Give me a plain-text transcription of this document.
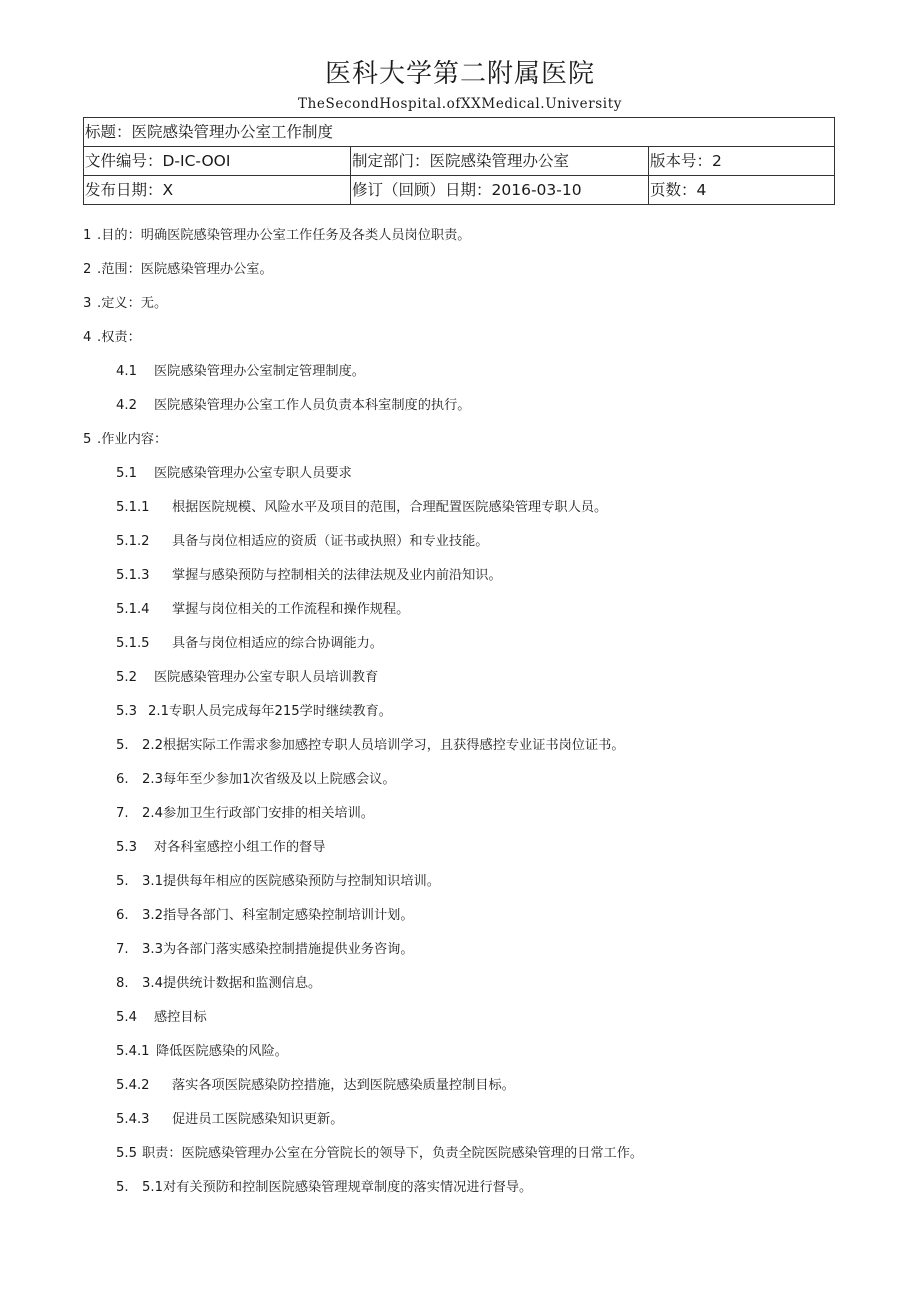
医科大学第二附属医院
TheSecondHospital.ofXXMedical.University
标题：医院感染管理办公室工作制度		
文件编号：D-IC-OOI	制定部门：医院感染管理办公室	版本号：2
发布日期：X	修订（回顾）日期：2016-03-10	页数：4
1 .目的：明确医院感染管理办公室工作任务及各类人员岗位职责。
2 .范围：医院感染管理办公室。
3 .定义：无。
4 .权责：
4.1 医院感染管理办公室制定管理制度。
4.2 医院感染管理办公室工作人员负责本科室制度的执行。
5 .作业内容：
5.1 医院感染管理办公室专职人员要求
5.1.1 根据医院规模、风险水平及项目的范围，合理配置医院感染管理专职人员。
5.1.2 具备与岗位相适应的资质（证书或执照）和专业技能。
5.1.3 掌握与感染预防与控制相关的法律法规及业内前沿知识。
5.1.4 掌握与岗位相关的工作流程和操作规程。
5.1.5 具备与岗位相适应的综合协调能力。
5.2 医院感染管理办公室专职人员培训教育
5.3 2.1专职人员完成每年215学时继续教育。
5. 2.2根据实际工作需求参加感控专职人员培训学习，且获得感控专业证书岗位证书。
6. 2.3每年至少参加1次省级及以上院感会议。
7. 2.4参加卫生行政部门安排的相关培训。
5.3 对各科室感控小组工作的督导
5. 3.1提供每年相应的医院感染预防与控制知识培训。
6. 3.2指导各部门、科室制定感染控制培训计划。
7. 3.3为各部门落实感染控制措施提供业务咨询。
8. 3.4提供统计数据和监测信息。
5.4 感控目标
5.4.1 降低医院感染的风险。
5.4.2 落实各项医院感染防控措施，达到医院感染质量控制目标。
5.4.3 促进员工医院感染知识更新。
5.5 职责：医院感染管理办公室在分管院长的领导下，负责全院医院感染管理的日常工作。
5. 5.1对有关预防和控制医院感染管理规章制度的落实情况进行督导。
